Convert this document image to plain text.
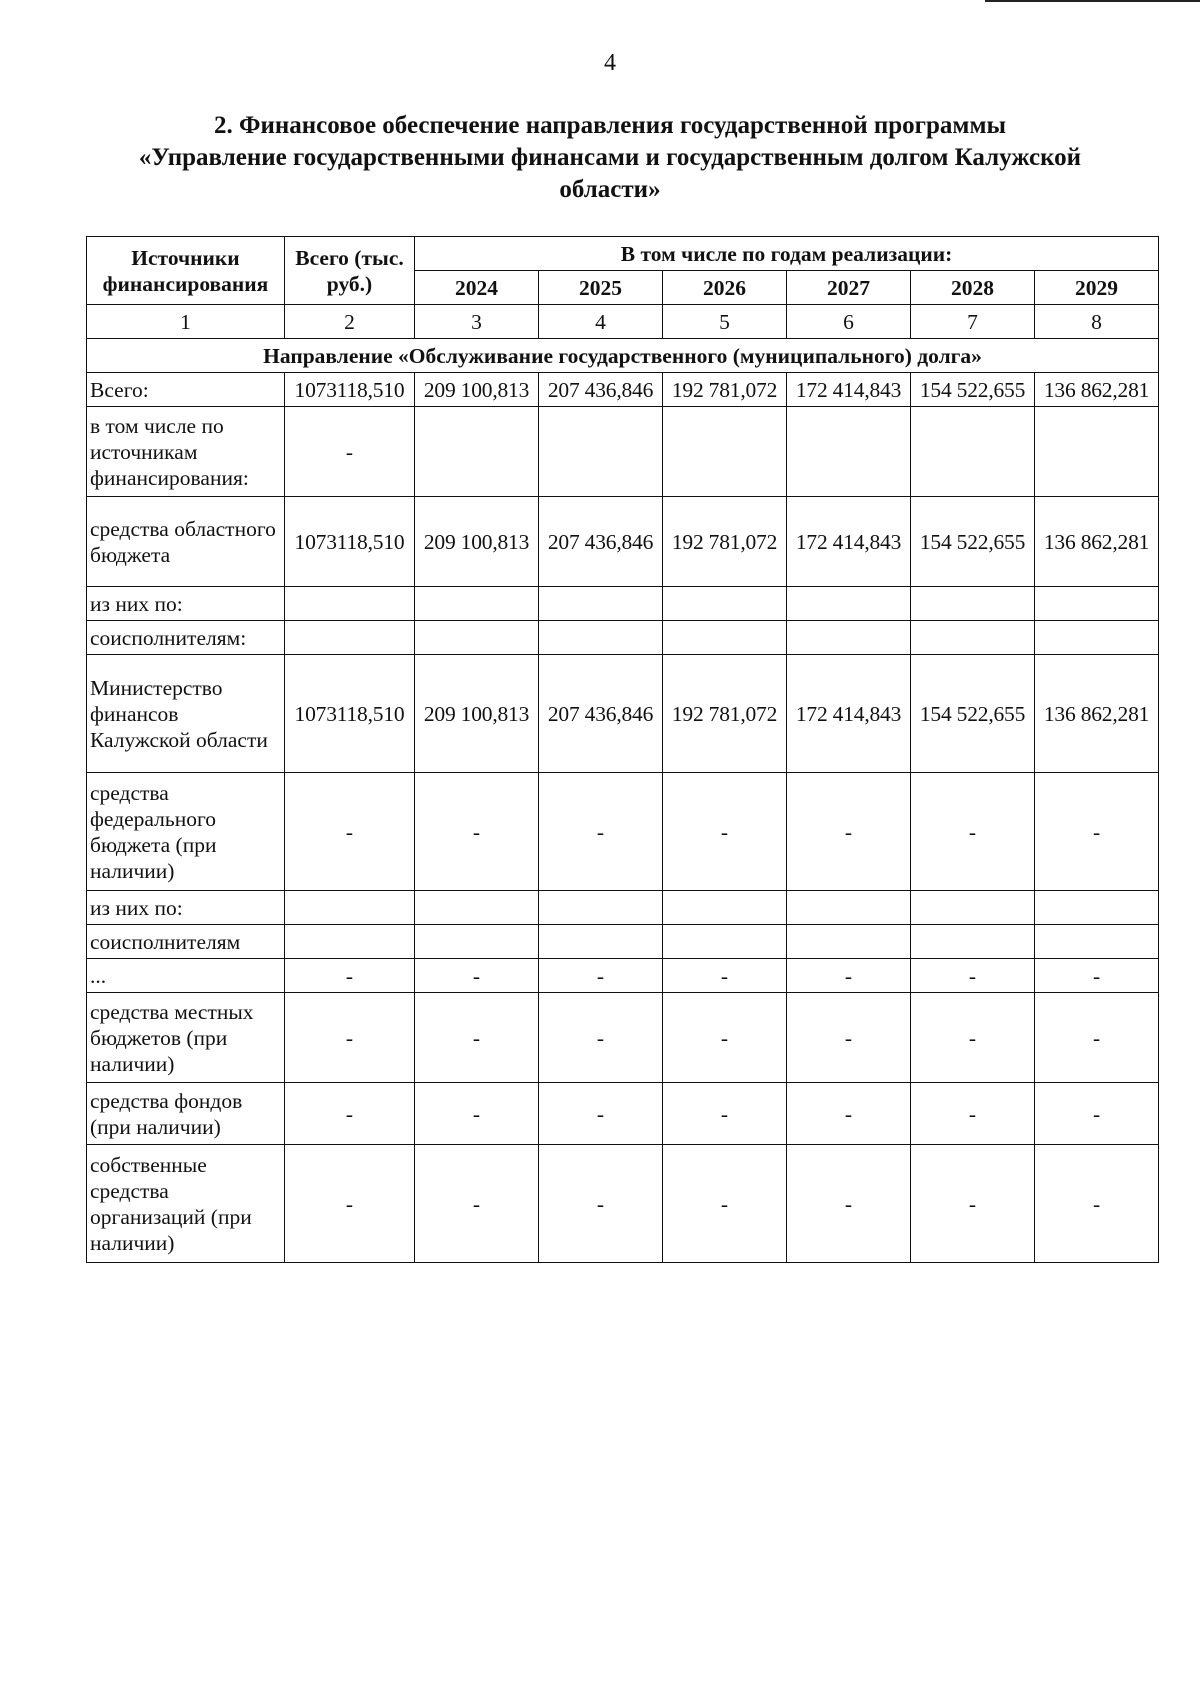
4
2. Финансовое обеспечение направления государственной программы
«Управление государственными финансами и государственным долгом Калужской
области»
Источники финансирования	Всего (тыс. руб.)	В том числе по годам реализации:					
		2024	2025	2026	2027	2028	2029
1	2	3	4	5	6	7	8
Направление «Обслуживание государственного (муниципального) долга»							
Всего:	1073118,510	209 100,813	207 436,846	192 781,072	172 414,843	154 522,655	136 862,281
в том числе по источникам финансирования:	-						
средства областного бюджета	1073118,510	209 100,813	207 436,846	192 781,072	172 414,843	154 522,655	136 862,281
из них по:							
соисполнителям:							
Министерство финансов Калужской области	1073118,510	209 100,813	207 436,846	192 781,072	172 414,843	154 522,655	136 862,281
средства федерального бюджета (при наличии)	-	-	-	-	-	-	-
из них по:							
соисполнителям							
...	-	-	-	-	-	-	-
средства местных бюджетов (при наличии)	-	-	-	-	-	-	-
средства фондов (при наличии)	-	-	-	-	-	-	-
собственные средства организаций (при наличии)	-	-	-	-	-	-	-
